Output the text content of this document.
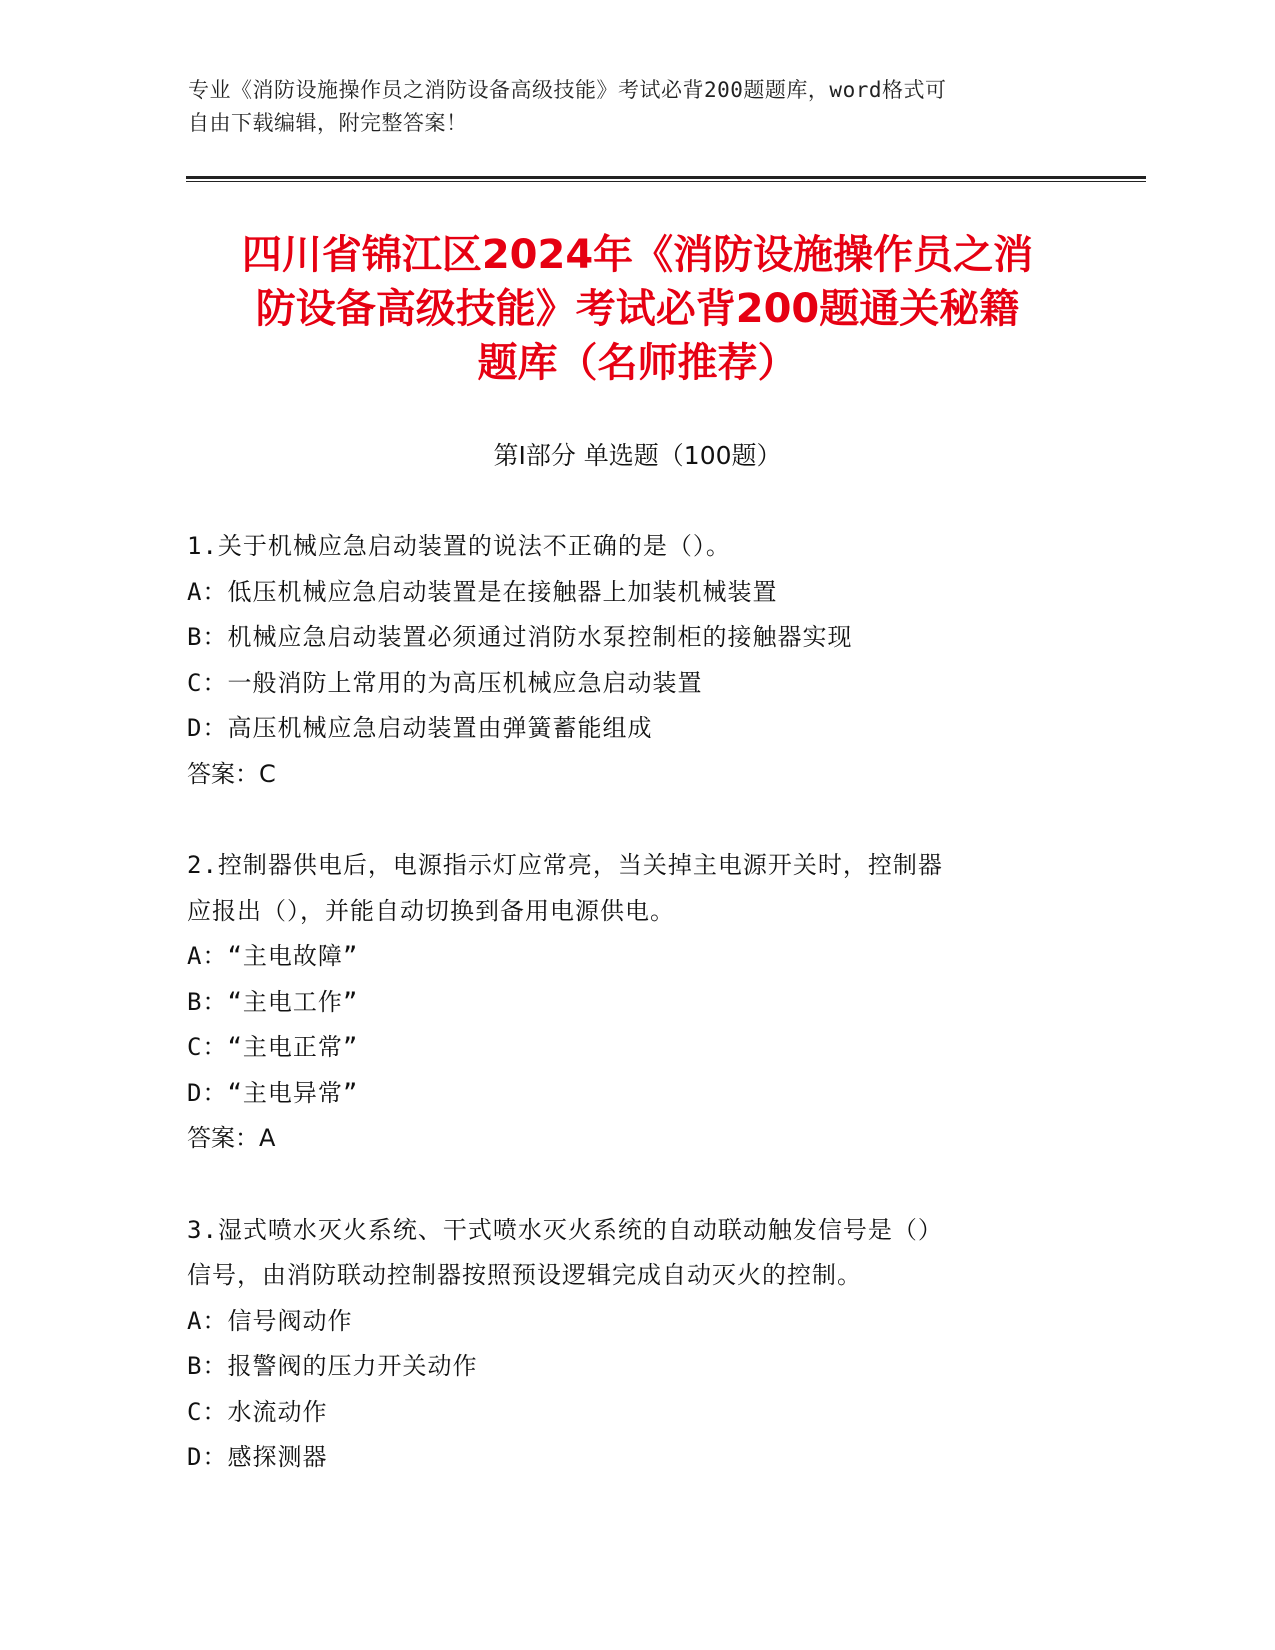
专业《消防设施操作员之消防设备高级技能》考试必背200题题库，word格式可
自由下载编辑，附完整答案！
四川省锦江区2024年《消防设施操作员之消
防设备高级技能》考试必背200题通关秘籍
题库（名师推荐）
第Ⅰ部分 单选题（100题）
1.关于机械应急启动装置的说法不正确的是（）。
A：低压机械应急启动装置是在接触器上加装机械装置
B：机械应急启动装置必须通过消防水泵控制柜的接触器实现
C：一般消防上常用的为高压机械应急启动装置
D：高压机械应急启动装置由弹簧蓄能组成
答案：C
2.控制器供电后，电源指示灯应常亮，当关掉主电源开关时，控制器
应报出（），并能自动切换到备用电源供电。
A：“主电故障”
B：“主电工作”
C：“主电正常”
D：“主电异常”
答案：A
3.湿式喷水灭火系统、干式喷水灭火系统的自动联动触发信号是（）
信号，由消防联动控制器按照预设逻辑完成自动灭火的控制。
A：信号阀动作
B：报警阀的压力开关动作
C：水流动作
D：感探测器
